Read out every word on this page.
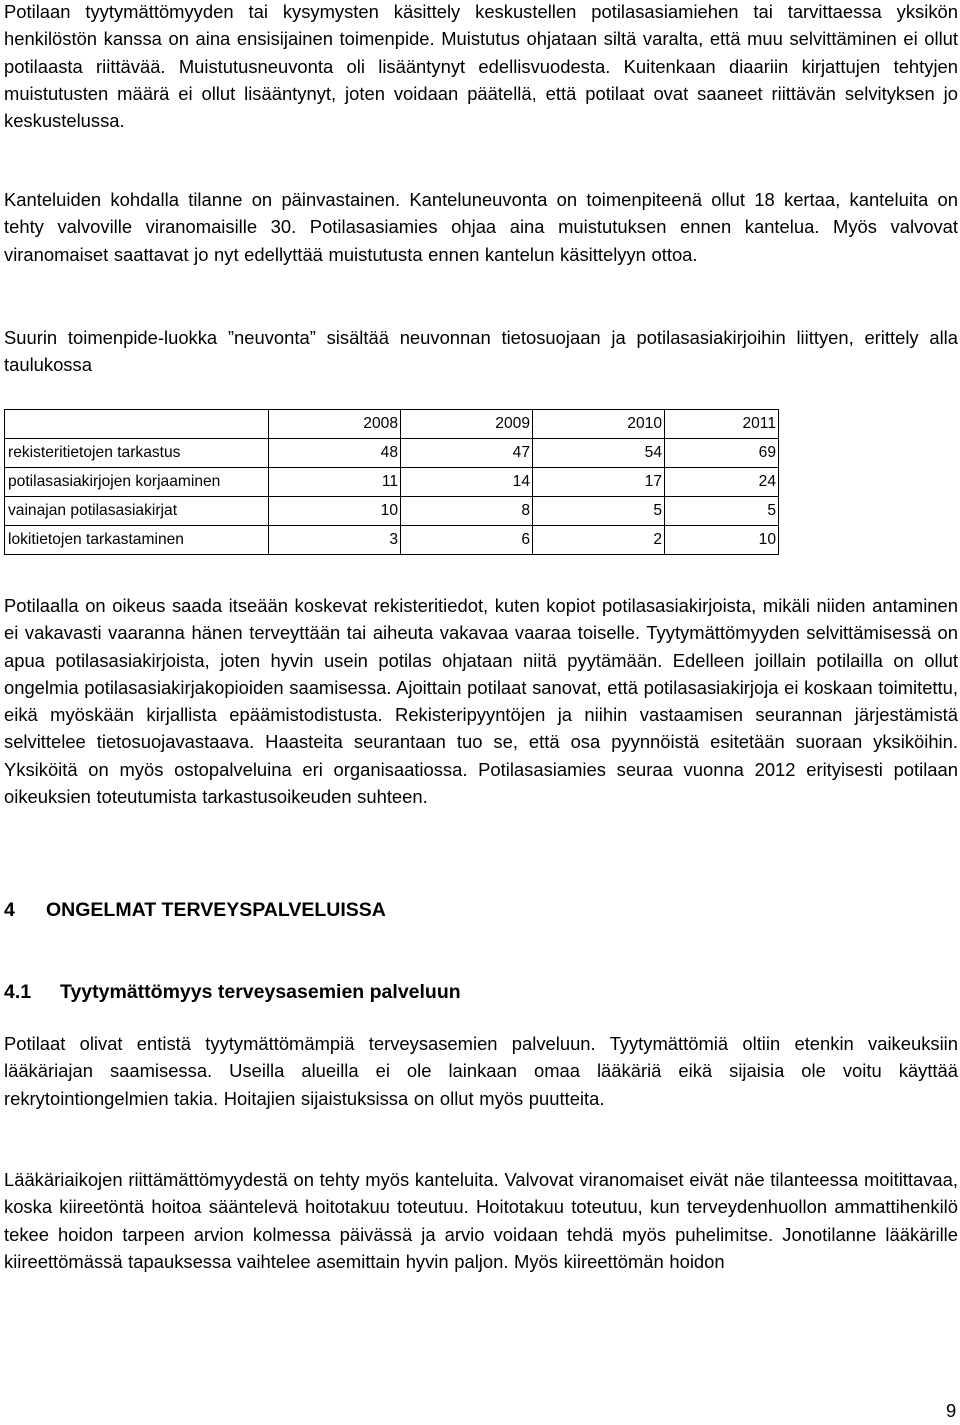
Potilaan tyytymättömyyden tai kysymysten käsittely keskustellen potilasasiamiehen tai tarvittaessa yksikön henkilöstön kanssa on aina ensisijainen toimenpide. Muistutus ohjataan siltä varalta, että muu selvittäminen ei ollut potilaasta riittävää. Muistutusneuvonta oli lisääntynyt edellisvuodesta. Kuitenkaan diaariin kirjattujen tehtyjen muistutusten määrä ei ollut lisääntynyt, joten voidaan päätellä, että potilaat ovat saaneet riittävän selvityksen jo keskustelussa.

Kanteluiden kohdalla tilanne on päinvastainen. Kanteluneuvonta on toimenpiteenä ollut 18 kertaa, kanteluita on tehty valvoville viranomaisille 30. Potilasasiamies ohjaa aina muistutuksen ennen kantelua. Myös valvovat viranomaiset saattavat jo nyt edellyttää muistutusta ennen kantelun käsittelyyn ottoa.

Suurin toimenpide-luokka ”neuvonta” sisältää neuvonnan tietosuojaan ja potilasasiakirjoihin liittyen, erittely alla taulukossa

	2008	2009	2010	2011
rekisteritietojen tarkastus	48	47	54	69
potilasasiakirjojen korjaaminen	11	14	17	24
vainajan potilasasiakirjat	10	8	5	5
lokitietojen tarkastaminen	3	6	2	10

Potilaalla on oikeus saada itseään koskevat rekisteritiedot, kuten kopiot potilasasiakirjoista, mikäli niiden antaminen ei vakavasti vaaranna hänen terveyttään tai aiheuta vakavaa vaaraa toiselle. Tyytymättömyyden selvittämisessä on apua potilasasiakirjoista, joten hyvin usein potilas ohjataan niitä pyytämään. Edelleen joillain potilailla on ollut ongelmia potilasasiakirjakopioiden saamisessa. Ajoittain potilaat sanovat, että potilasasiakirjoja ei koskaan toimitettu, eikä myöskään kirjallista epäämistodistusta. Rekisteripyyntöjen ja niihin vastaamisen seurannan järjestämistä selvittelee tietosuojavastaava. Haasteita seurantaan tuo se, että osa pyynnöistä esitetään suoraan yksiköihin. Yksiköitä on myös ostopalveluina eri organisaatiossa. Potilasasiamies seuraa vuonna 2012 erityisesti potilaan oikeuksien toteutumista tarkastusoikeuden suhteen.

4 ONGELMAT TERVEYSPALVELUISSA
4.1 Tyytymättömyys terveysasemien palveluun

Potilaat olivat entistä tyytymättömämpiä terveysasemien palveluun. Tyytymättömiä oltiin etenkin vaikeuksiin lääkäriajan saamisessa. Useilla alueilla ei ole lainkaan omaa lääkäriä eikä sijaisia ole voitu käyttää rekrytointiongelmien takia. Hoitajien sijaistuksissa on ollut myös puutteita.

Lääkäriaikojen riittämättömyydestä on tehty myös kanteluita. Valvovat viranomaiset eivät näe tilanteessa moitittavaa, koska kiireetöntä hoitoa sääntelevä hoitotakuu toteutuu. Hoitotakuu toteutuu, kun terveydenhuollon ammattihenkilö tekee hoidon tarpeen arvion kolmessa päivässä ja arvio voidaan tehdä myös puhelimitse. Jonotilanne lääkärille kiireettömässä tapauksessa vaihtelee asemittain hyvin paljon. Myös kiireettömän hoidon

9
